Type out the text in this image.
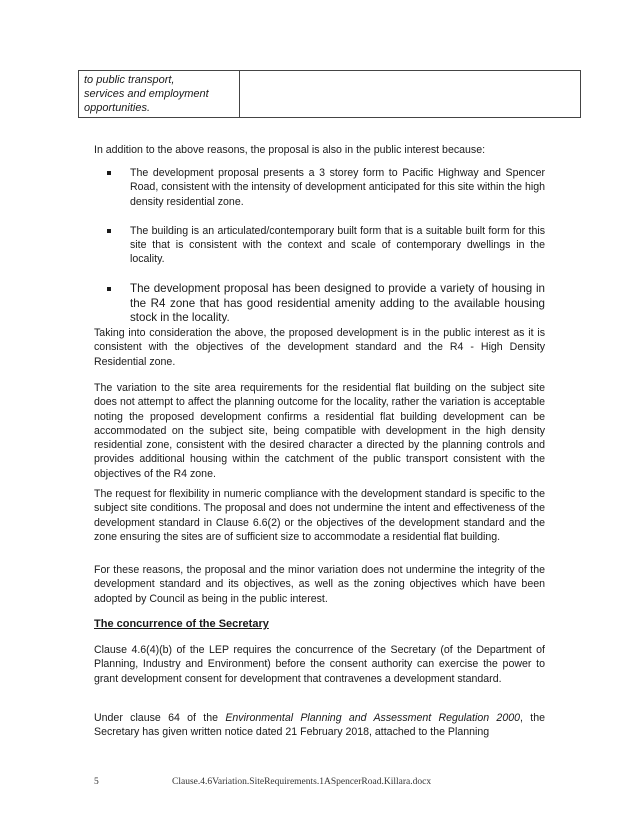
to public transport,
services and employment
opportunities.

In addition to the above reasons, the proposal is also in the public interest because:

The development proposal presents a 3 storey form to Pacific Highway and Spencer Road, consistent with the intensity of development anticipated for this site within the high density residential zone.
The building is an articulated/contemporary built form that is a suitable built form for this site that is consistent with the context and scale of contemporary dwellings in the locality.
The development proposal has been designed to provide a variety of housing in the R4 zone that has good residential amenity adding to the available housing stock in the locality.

Taking into consideration the above, the proposed development is in the public interest as it is consistent with the objectives of the development standard and the R4 - High Density Residential zone.

The variation to the site area requirements for the residential flat building on the subject site does not attempt to affect the planning outcome for the locality, rather the variation is acceptable noting the proposed development confirms a residential flat building development can be accommodated on the subject site, being compatible with development in the high density residential zone, consistent with the desired character a directed by the planning controls and provides additional housing within the catchment of the public transport consistent with the objectives of the R4 zone.

The request for flexibility in numeric compliance with the development standard is specific to the subject site conditions. The proposal and does not undermine the intent and effectiveness of the development standard in Clause 6.6(2) or the objectives of the development standard and the zone ensuring the sites are of sufficient size to accommodate a residential flat building.

For these reasons, the proposal and the minor variation does not undermine the integrity of the development standard and its objectives, as well as the zoning objectives which have been adopted by Council as being in the public interest.

The concurrence of the Secretary

Clause 4.6(4)(b) of the LEP requires the concurrence of the Secretary (of the Department of Planning, Industry and Environment) before the consent authority can exercise the power to grant development consent for development that contravenes a development standard.

Under clause 64 of the Environmental Planning and Assessment Regulation 2000, the Secretary has given written notice dated 21 February 2018, attached to the Planning

5	Clause.4.6Variation.SiteRequirements.1ASpencerRoad.Killara.docx
